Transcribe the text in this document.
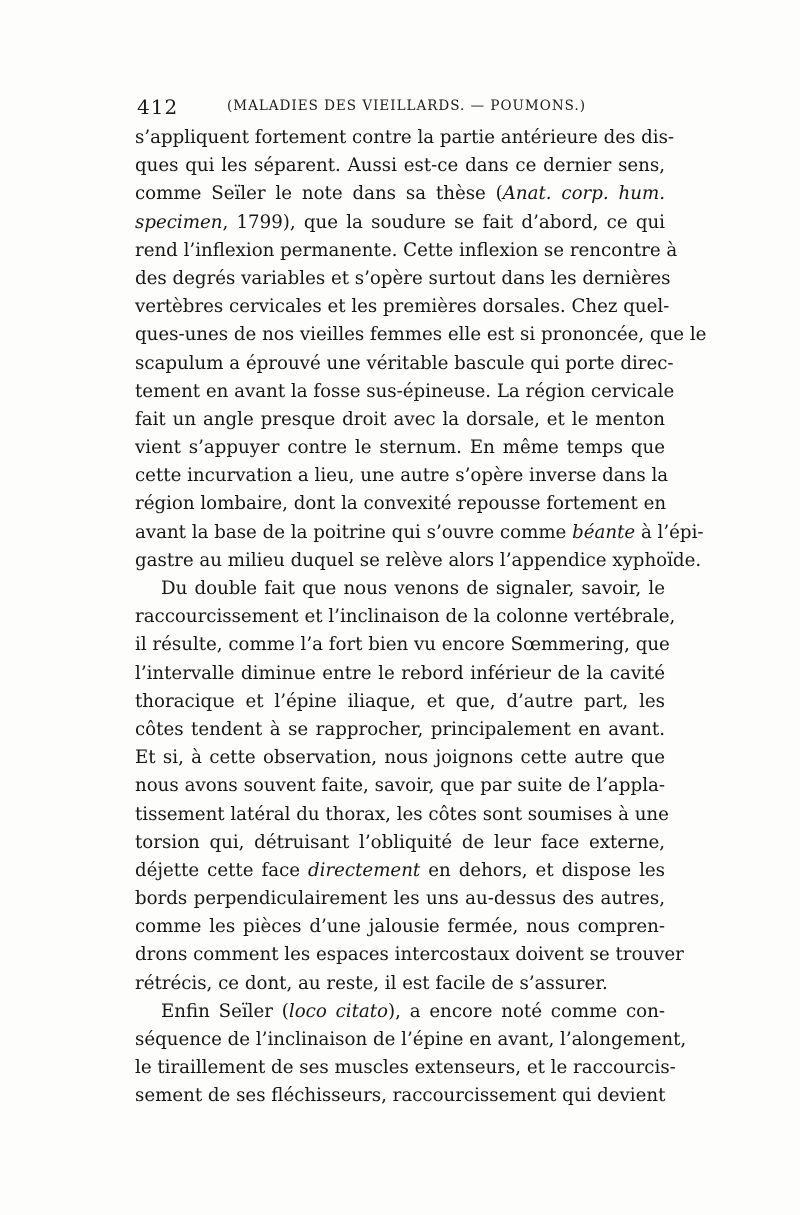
412	(MALADIES DES VIEILLARDS. — POUMONS.)
s’appliquent fortement contre la partie antérieure des dis-
ques qui les séparent. Aussi est-ce dans ce dernier sens,
comme Seïler le note dans sa thèse (Anat. corp. hum.
specimen, 1799), que la soudure se fait d’abord, ce qui
rend l’inflexion permanente. Cette inflexion se rencontre à
des degrés variables et s’opère surtout dans les dernières
vertèbres cervicales et les premières dorsales. Chez quel-
ques-unes de nos vieilles femmes elle est si prononcée, que le
scapulum a éprouvé une véritable bascule qui porte direc-
tement en avant la fosse sus-épineuse. La région cervicale
fait un angle presque droit avec la dorsale, et le menton
vient s’appuyer contre le sternum. En même temps que
cette incurvation a lieu, une autre s’opère inverse dans la
région lombaire, dont la convexité repousse fortement en
avant la base de la poitrine qui s’ouvre comme béante à l’épi-
gastre au milieu duquel se relève alors l’appendice xyphoïde.
Du double fait que nous venons de signaler, savoir, le
raccourcissement et l’inclinaison de la colonne vertébrale,
il résulte, comme l’a fort bien vu encore Sœmmering, que
l’intervalle diminue entre le rebord inférieur de la cavité
thoracique et l’épine iliaque, et que, d’autre part, les
côtes tendent à se rapprocher, principalement en avant.
Et si, à cette observation, nous joignons cette autre que
nous avons souvent faite, savoir, que par suite de l’appla-
tissement latéral du thorax, les côtes sont soumises à une
torsion qui, détruisant l’obliquité de leur face externe,
déjette cette face directement en dehors, et dispose les
bords perpendiculairement les uns au-dessus des autres,
comme les pièces d’une jalousie fermée, nous compren-
drons comment les espaces intercostaux doivent se trouver
rétrécis, ce dont, au reste, il est facile de s’assurer.
Enfin Seïler (loco citato), a encore noté comme con-
séquence de l’inclinaison de l’épine en avant, l’alongement,
le tiraillement de ses muscles extenseurs, et le raccourcis-
sement de ses fléchisseurs, raccourcissement qui devient
